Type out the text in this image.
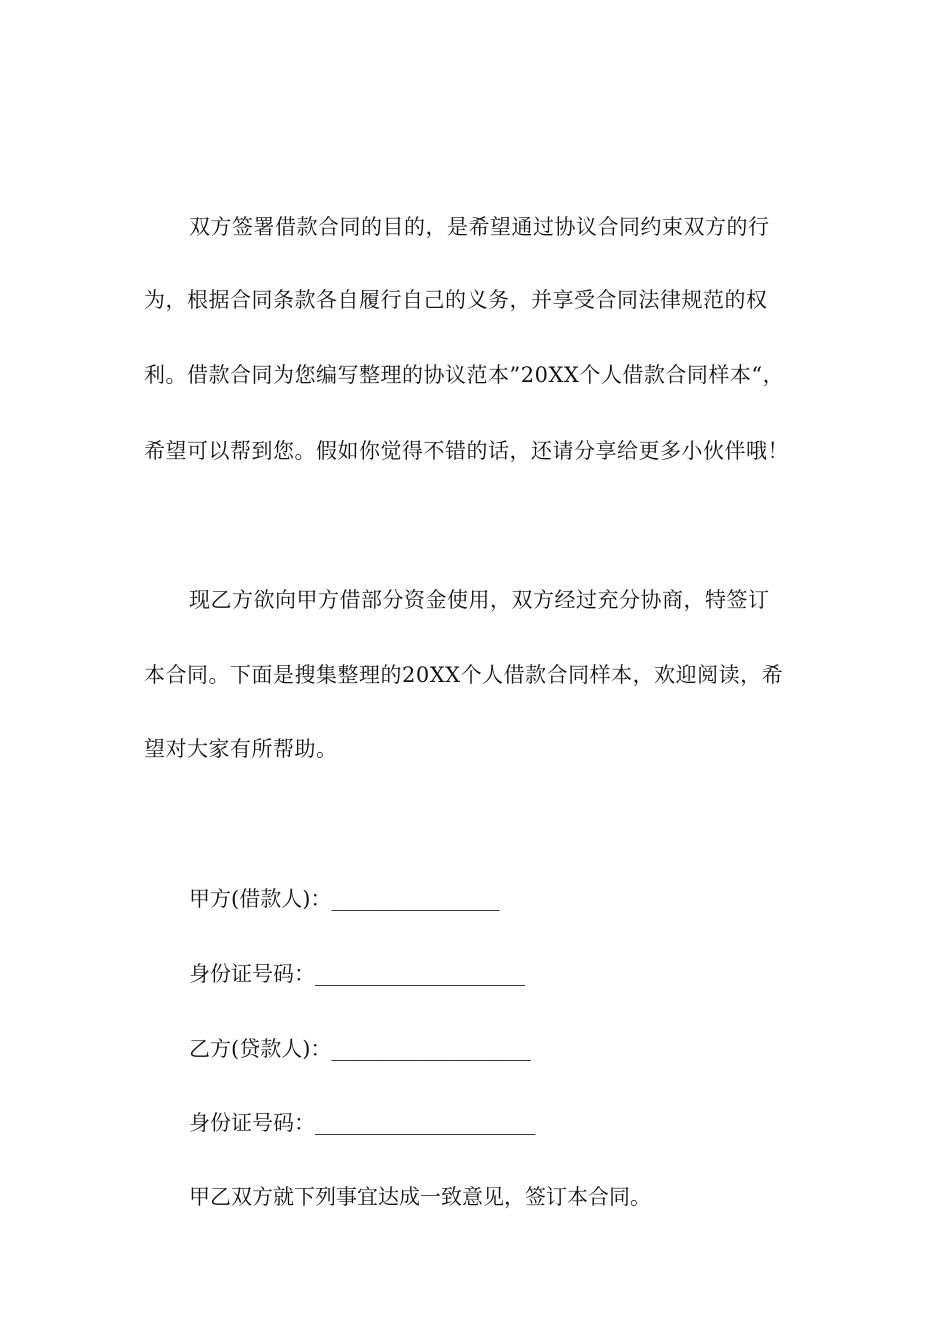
双方签署借款合同的目的，是希望通过协议合同约束双方的行
为，根据合同条款各自履行自己的义务，并享受合同法律规范的权
利。借款合同为您编写整理的协议范本”20XX个人借款合同样本“，
希望可以帮到您。假如你觉得不错的话，还请分享给更多小伙伴哦！
现乙方欲向甲方借部分资金使用，双方经过充分协商，特签订
本合同。下面是搜集整理的20XX个人借款合同样本，欢迎阅读，希
望对大家有所帮助。
甲方(借款人)：________________
身份证号码：____________________
乙方(贷款人)：___________________
身份证号码：_____________________
甲乙双方就下列事宜达成一致意见，签订本合同。
